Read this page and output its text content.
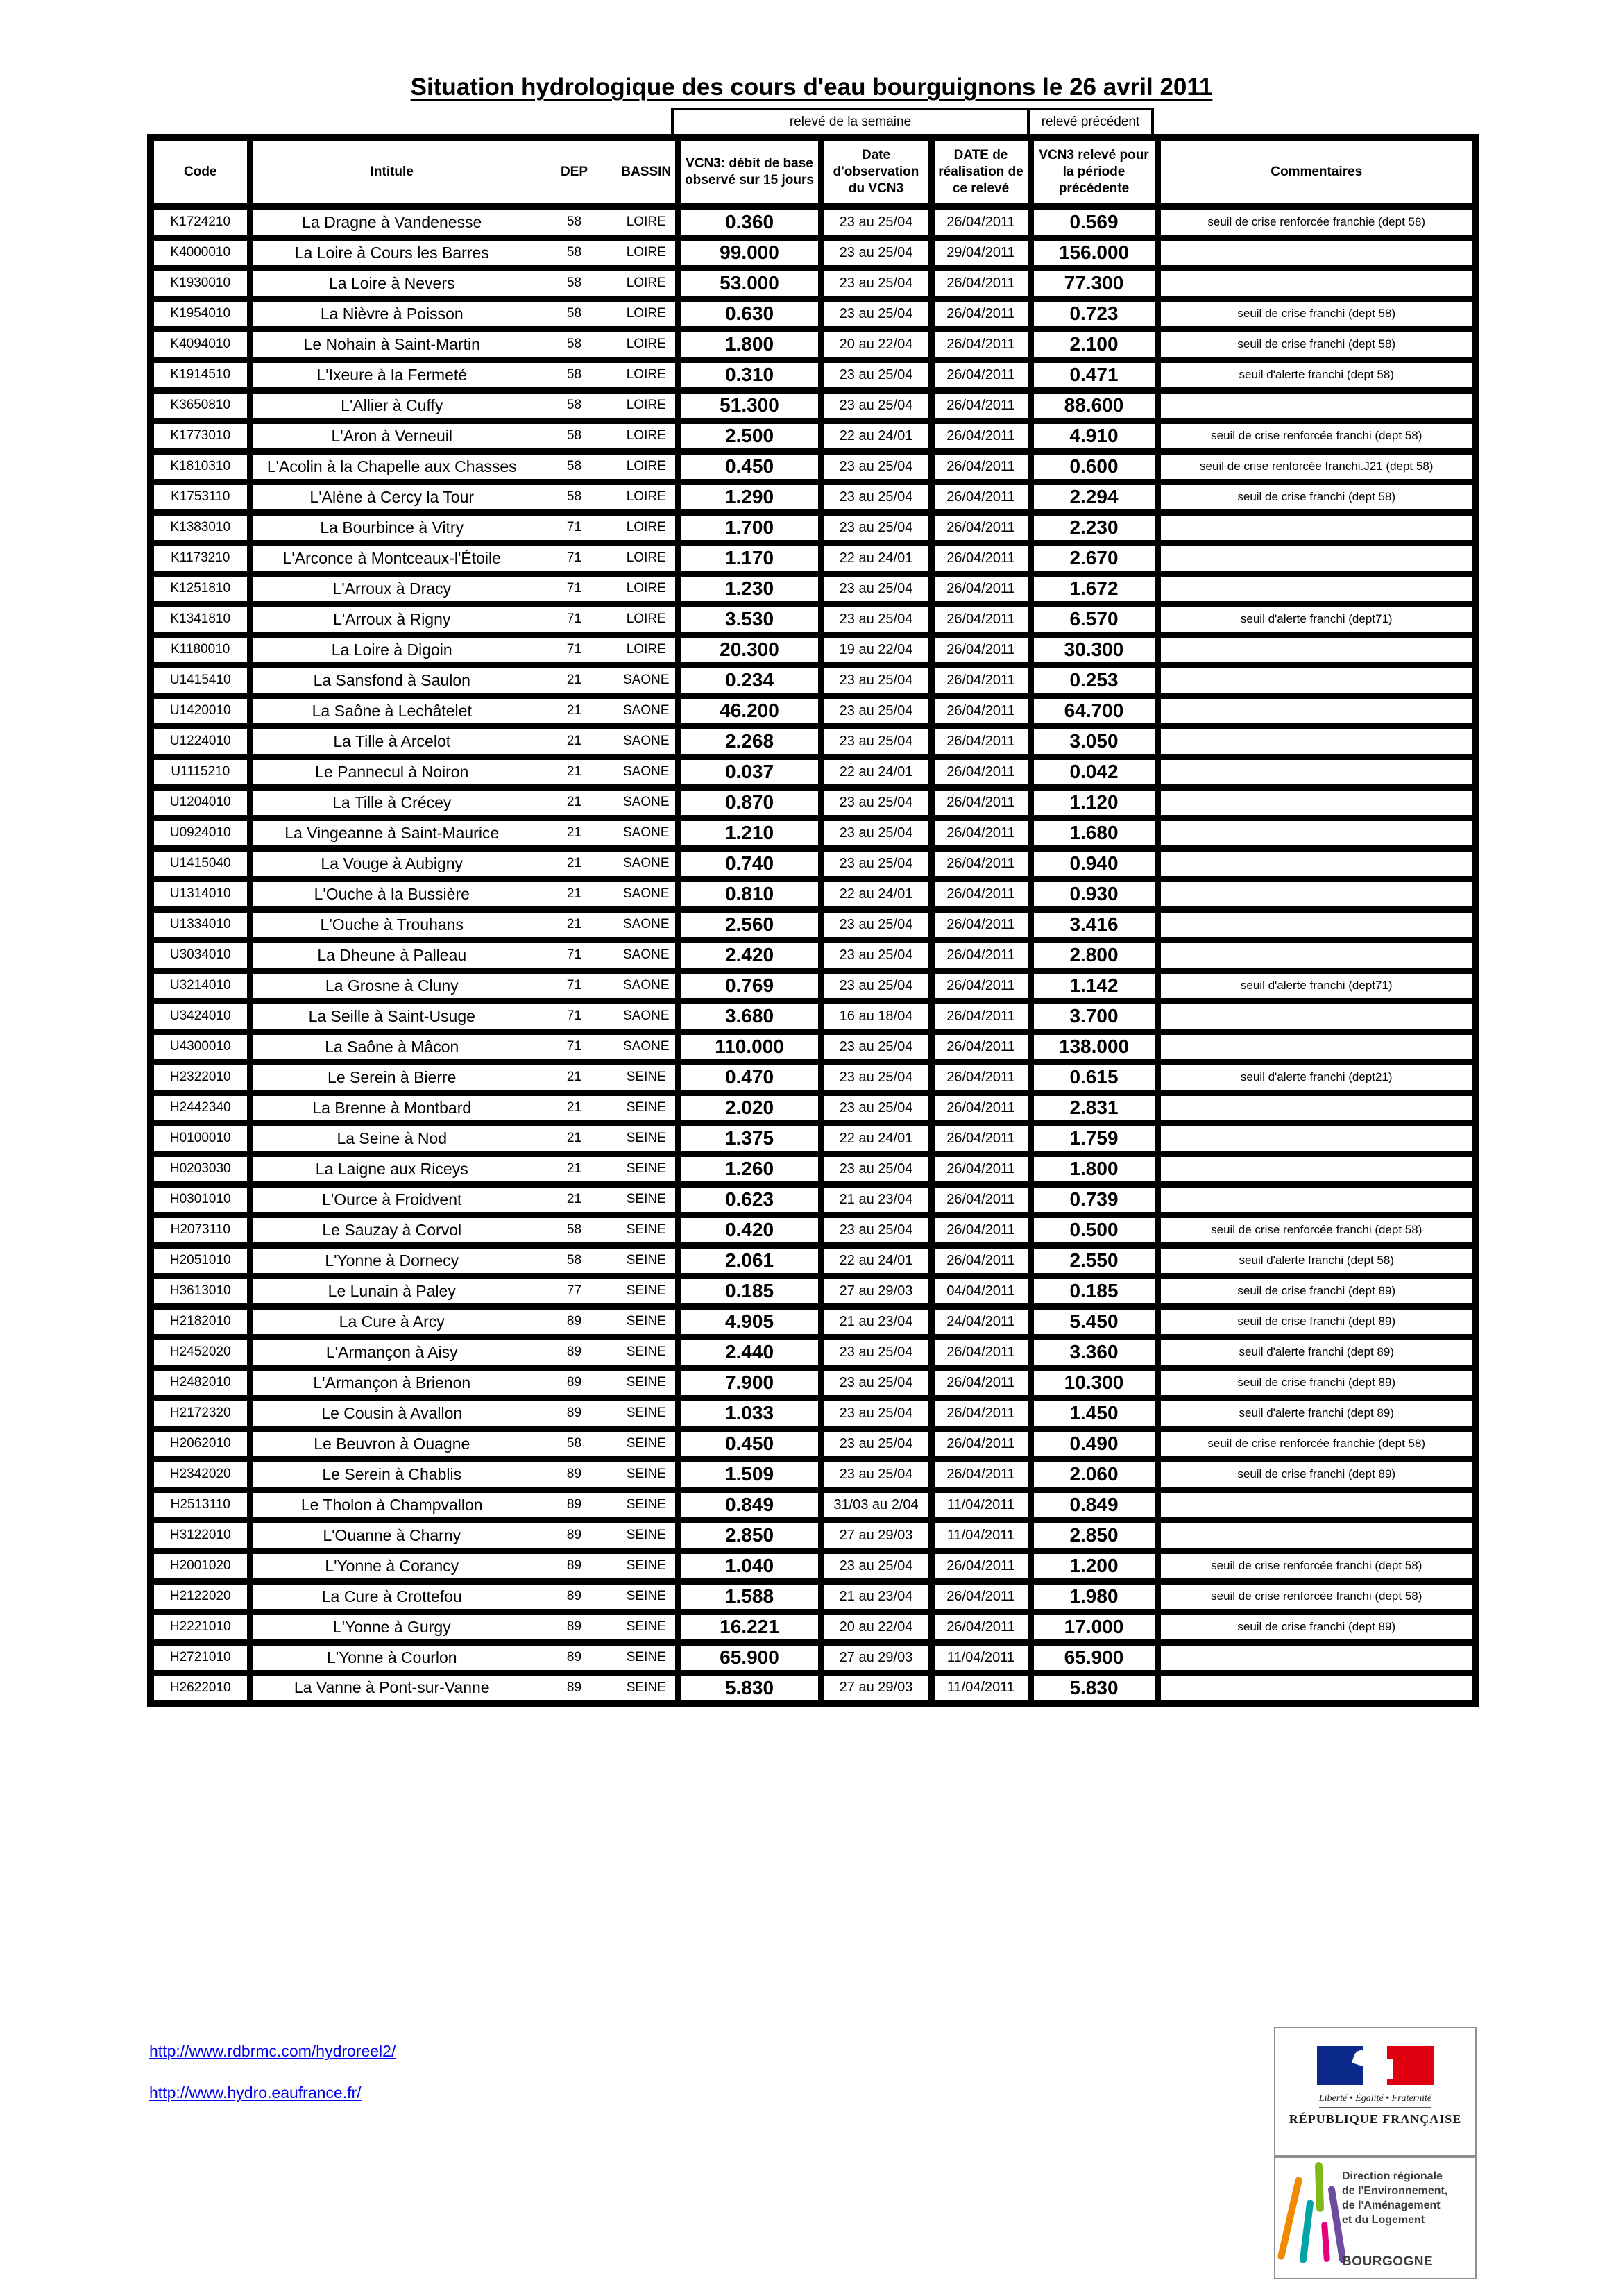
Situation hydrologique des cours d'eau bourguignons le 26 avril 2011
relevé de la semaine	relevé précédent
Code	Intitule	DEP	BASSIN	VCN3: débit de base observé sur 15 jours	Date d'observation du VCN3	DATE de réalisation de ce relevé	VCN3 relevé pour la période précédente	Commentaires
K1724210	La Dragne à Vandenesse	58	LOIRE	0.360	23 au 25/04	26/04/2011	0.569	seuil de crise renforcée franchie (dept 58)
K4000010	La Loire à Cours les Barres	58	LOIRE	99.000	23 au 25/04	29/04/2011	156.000	
K1930010	La Loire à Nevers	58	LOIRE	53.000	23 au 25/04	26/04/2011	77.300	
K1954010	La Nièvre à Poisson	58	LOIRE	0.630	23 au 25/04	26/04/2011	0.723	seuil de crise franchi (dept 58)
K4094010	Le Nohain à Saint-Martin	58	LOIRE	1.800	20 au 22/04	26/04/2011	2.100	seuil de crise franchi (dept 58)
K1914510	L'Ixeure à la Fermeté	58	LOIRE	0.310	23 au 25/04	26/04/2011	0.471	seuil d'alerte franchi (dept 58)
K3650810	L'Allier à Cuffy	58	LOIRE	51.300	23 au 25/04	26/04/2011	88.600	
K1773010	L'Aron à Verneuil	58	LOIRE	2.500	22 au 24/01	26/04/2011	4.910	seuil de crise renforcée franchi (dept 58)
K1810310	L'Acolin à la Chapelle aux Chasses	58	LOIRE	0.450	23 au 25/04	26/04/2011	0.600	seuil de crise renforcée franchi.J21 (dept 58)
K1753110	L'Alène à Cercy la Tour	58	LOIRE	1.290	23 au 25/04	26/04/2011	2.294	seuil de crise franchi (dept 58)
K1383010	La Bourbince à Vitry	71	LOIRE	1.700	23 au 25/04	26/04/2011	2.230	
K1173210	L'Arconce à Montceaux-l'Étoile	71	LOIRE	1.170	22 au 24/01	26/04/2011	2.670	
K1251810	L'Arroux à Dracy	71	LOIRE	1.230	23 au 25/04	26/04/2011	1.672	
K1341810	L'Arroux à Rigny	71	LOIRE	3.530	23 au 25/04	26/04/2011	6.570	seuil d'alerte franchi (dept71)
K1180010	La Loire à Digoin	71	LOIRE	20.300	19 au 22/04	26/04/2011	30.300	
U1415410	La Sansfond à Saulon	21	SAONE	0.234	23 au 25/04	26/04/2011	0.253	
U1420010	La Saône à Lechâtelet	21	SAONE	46.200	23 au 25/04	26/04/2011	64.700	
U1224010	La Tille à Arcelot	21	SAONE	2.268	23 au 25/04	26/04/2011	3.050	
U1115210	Le Pannecul à Noiron	21	SAONE	0.037	22 au 24/01	26/04/2011	0.042	
U1204010	La Tille à Crécey	21	SAONE	0.870	23 au 25/04	26/04/2011	1.120	
U0924010	La Vingeanne à Saint-Maurice	21	SAONE	1.210	23 au 25/04	26/04/2011	1.680	
U1415040	La Vouge à Aubigny	21	SAONE	0.740	23 au 25/04	26/04/2011	0.940	
U1314010	L'Ouche à la Bussière	21	SAONE	0.810	22 au 24/01	26/04/2011	0.930	
U1334010	L'Ouche à Trouhans	21	SAONE	2.560	23 au 25/04	26/04/2011	3.416	
U3034010	La Dheune à Palleau	71	SAONE	2.420	23 au 25/04	26/04/2011	2.800	
U3214010	La Grosne à Cluny	71	SAONE	0.769	23 au 25/04	26/04/2011	1.142	seuil d'alerte franchi (dept71)
U3424010	La Seille à Saint-Usuge	71	SAONE	3.680	16 au 18/04	26/04/2011	3.700	
U4300010	La Saône à Mâcon	71	SAONE	110.000	23 au 25/04	26/04/2011	138.000	
H2322010	Le Serein à Bierre	21	SEINE	0.470	23 au 25/04	26/04/2011	0.615	seuil d'alerte franchi (dept21)
H2442340	La Brenne à Montbard	21	SEINE	2.020	23 au 25/04	26/04/2011	2.831	
H0100010	La Seine à Nod	21	SEINE	1.375	22 au 24/01	26/04/2011	1.759	
H0203030	La Laigne aux Riceys	21	SEINE	1.260	23 au 25/04	26/04/2011	1.800	
H0301010	L'Ource à Froidvent	21	SEINE	0.623	21 au 23/04	26/04/2011	0.739	
H2073110	Le Sauzay à Corvol	58	SEINE	0.420	23 au 25/04	26/04/2011	0.500	seuil de crise renforcée franchi (dept 58)
H2051010	L'Yonne à Dornecy	58	SEINE	2.061	22 au 24/01	26/04/2011	2.550	seuil d'alerte franchi (dept 58)
H3613010	Le Lunain à Paley	77	SEINE	0.185	27 au 29/03	04/04/2011	0.185	seuil de crise franchi (dept 89)
H2182010	La Cure à Arcy	89	SEINE	4.905	21 au 23/04	24/04/2011	5.450	seuil de crise franchi (dept 89)
H2452020	L'Armançon à Aisy	89	SEINE	2.440	23 au 25/04	26/04/2011	3.360	seuil d'alerte franchi (dept 89)
H2482010	L'Armançon à Brienon	89	SEINE	7.900	23 au 25/04	26/04/2011	10.300	seuil de crise franchi (dept 89)
H2172320	Le Cousin à Avallon	89	SEINE	1.033	23 au 25/04	26/04/2011	1.450	seuil d'alerte franchi (dept 89)
H2062010	Le Beuvron à Ouagne	58	SEINE	0.450	23 au 25/04	26/04/2011	0.490	seuil de crise renforcée franchie (dept 58)
H2342020	Le Serein à Chablis	89	SEINE	1.509	23 au 25/04	26/04/2011	2.060	seuil de crise franchi (dept 89)
H2513110	Le Tholon à Champvallon	89	SEINE	0.849	31/03 au 2/04	11/04/2011	0.849	
H3122010	L'Ouanne à Charny	89	SEINE	2.850	27 au 29/03	11/04/2011	2.850	
H2001020	L'Yonne à Corancy	89	SEINE	1.040	23 au 25/04	26/04/2011	1.200	seuil de crise renforcée franchi (dept 58)
H2122020	La Cure à Crottefou	89	SEINE	1.588	21 au 23/04	26/04/2011	1.980	seuil de crise renforcée franchi (dept 58)
H2221010	L'Yonne à Gurgy	89	SEINE	16.221	20 au 22/04	26/04/2011	17.000	seuil de crise franchi (dept 89)
H2721010	L'Yonne à Courlon	89	SEINE	65.900	27 au 29/03	11/04/2011	65.900	
H2622010	La Vanne à Pont-sur-Vanne	89	SEINE	5.830	27 au 29/03	11/04/2011	5.830	
http://www.rdbrmc.com/hydroreel2/
http://www.hydro.eaufrance.fr/	Liberté • Égalité • Fraternité
RÉPUBLIQUE FRANÇAISE
Direction régionale
de l'Environnement,
de l'Aménagement
et du Logement
BOURGOGNE
